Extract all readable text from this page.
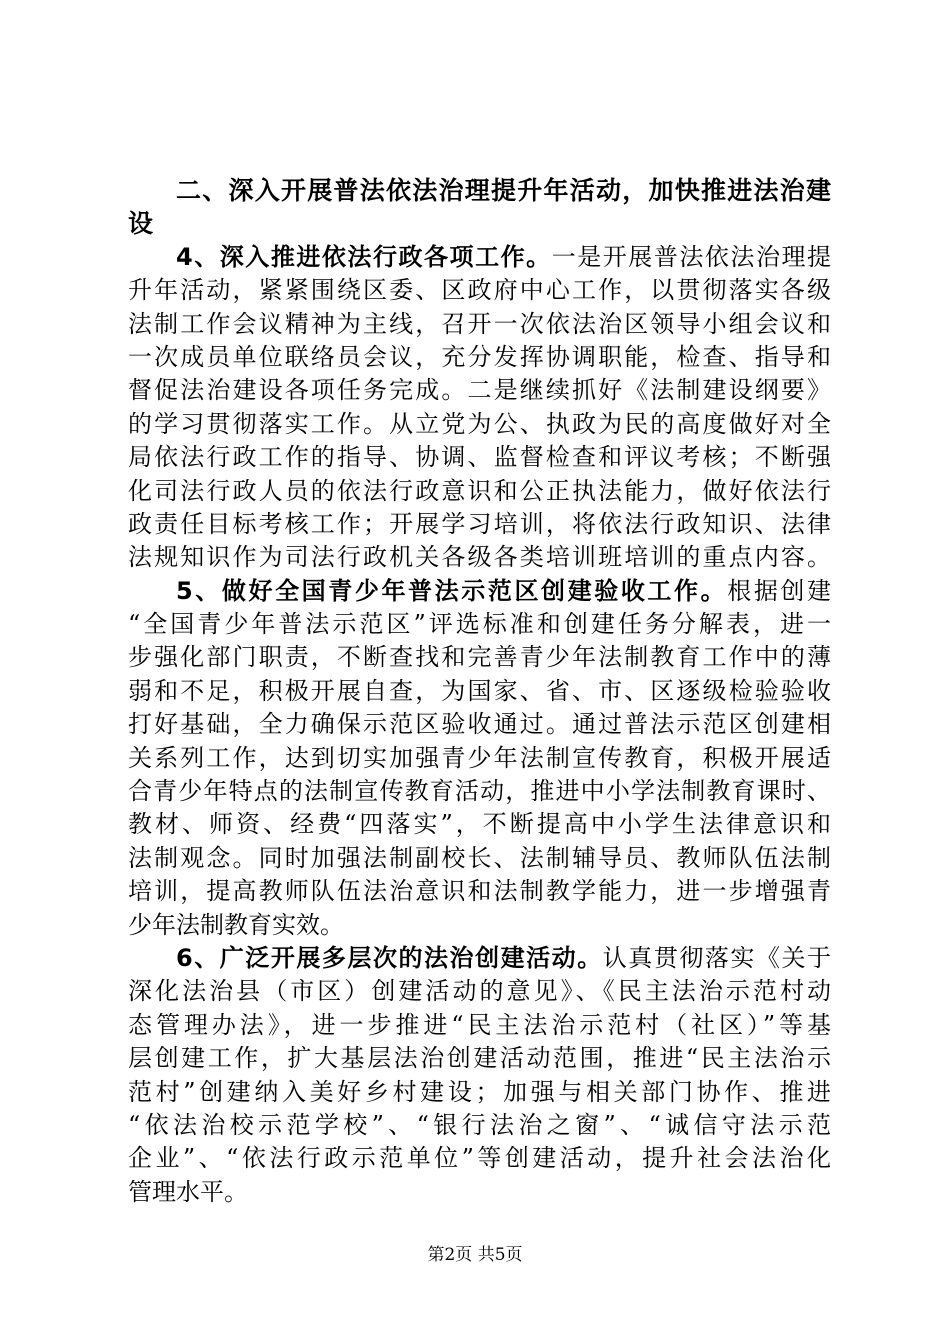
二、深入开展普法依法治理提升年活动，加快推进法治建
设
4、深入推进依法行政各项工作。一是开展普法依法治理提
升年活动，紧紧围绕区委、区政府中心工作，以贯彻落实各级
法制工作会议精神为主线，召开一次依法治区领导小组会议和
一次成员单位联络员会议，充分发挥协调职能，检查、指导和
督促法治建设各项任务完成。二是继续抓好《法制建设纲要》
的学习贯彻落实工作。从立党为公、执政为民的高度做好对全
局依法行政工作的指导、协调、监督检查和评议考核；不断强
化司法行政人员的依法行政意识和公正执法能力，做好依法行
政责任目标考核工作；开展学习培训，将依法行政知识、法律
法规知识作为司法行政机关各级各类培训班培训的重点内容。
5、做好全国青少年普法示范区创建验收工作。根据创建
“全国青少年普法示范区”评选标准和创建任务分解表，进一
步强化部门职责，不断查找和完善青少年法制教育工作中的薄
弱和不足，积极开展自查，为国家、省、市、区逐级检验验收
打好基础，全力确保示范区验收通过。通过普法示范区创建相
关系列工作，达到切实加强青少年法制宣传教育，积极开展适
合青少年特点的法制宣传教育活动，推进中小学法制教育课时、
教材、师资、经费“四落实”，不断提高中小学生法律意识和
法制观念。同时加强法制副校长、法制辅导员、教师队伍法制
培训，提高教师队伍法治意识和法制教学能力，进一步增强青
少年法制教育实效。
6、广泛开展多层次的法治创建活动。认真贯彻落实《关于
深化法治县（市区）创建活动的意见》、《民主法治示范村动
态管理办法》，进一步推进“民主法治示范村（社区）”等基
层创建工作，扩大基层法治创建活动范围，推进“民主法治示
范村”创建纳入美好乡村建设；加强与相关部门协作、推进
“依法治校示范学校”、“银行法治之窗”、“诚信守法示范
企业”、“依法行政示范单位”等创建活动，提升社会法治化
管理水平。
第2页 共5页
